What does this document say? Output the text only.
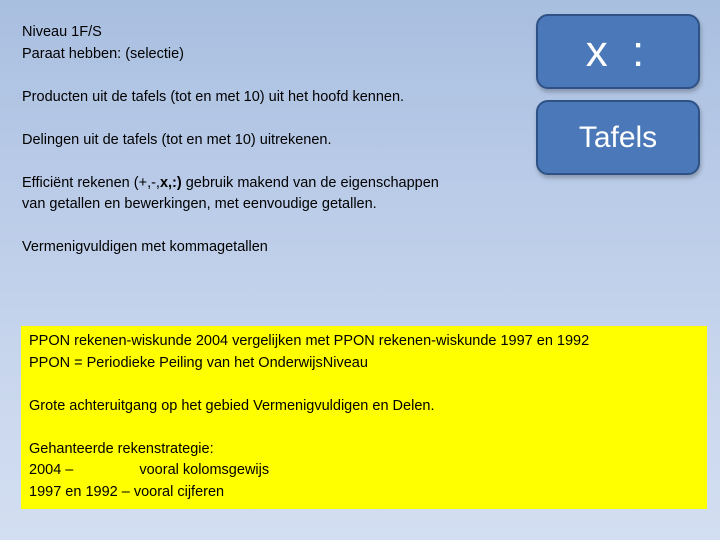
Niveau 1F/S

Paraat hebben: (selectie)

Producten uit de tafels (tot en met 10) uit het hoofd kennen.

Delingen uit de tafels (tot en met 10) uitrekenen.

Efficiënt rekenen (+,-,x,:) gebruik makend van de eigenschappen

van getallen en bewerkingen, met eenvoudige getallen.

Vermenigvuldigen met kommagetallen

x :
Tafels

PPON rekenen-wiskunde 2004 vergelijken met PPON rekenen-wiskunde 1997 en 1992

PPON = Periodieke Peiling van het OnderwijsNiveau

Grote achteruitgang op het gebied Vermenigvuldigen en Delen.

Gehanteerde rekenstrategie:

2004 –	vooral kolomsgewijs

1997 en 1992 – vooral cijferen
